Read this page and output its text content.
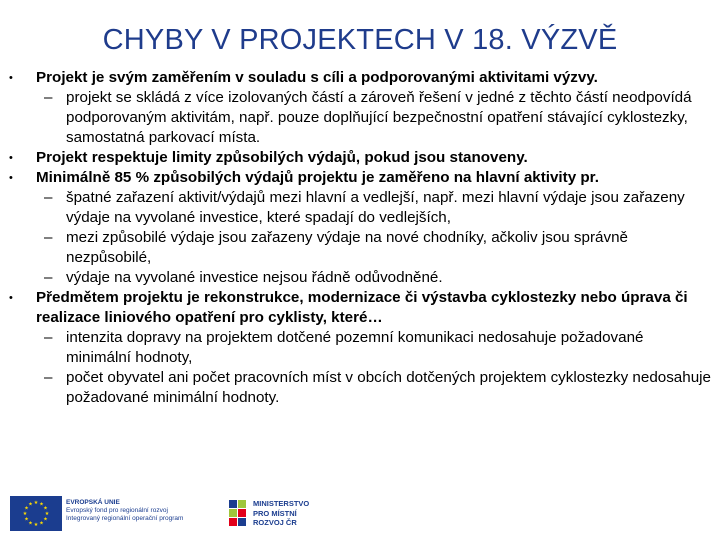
CHYBY V PROJEKTECH V 18. VÝZVĚ
• Projekt je svým zaměřením v souladu s cíli a podporovanými aktivitami výzvy.
– projekt se skládá z více izolovaných částí a zároveň řešení v jedné z těchto částí neodpovídá podporovaným aktivitám, např. pouze doplňující bezpečnostní opatření stávající cyklostezky, samostatná parkovací místa.
• Projekt respektuje limity způsobilých výdajů, pokud jsou stanoveny.
• Minimálně 85 % způsobilých výdajů projektu je zaměřeno na hlavní aktivity pr.
– špatné zařazení aktivit/výdajů mezi hlavní a vedlejší, např. mezi hlavní výdaje jsou zařazeny výdaje na vyvolané investice, které spadají do vedlejších,
– mezi způsobilé výdaje jsou zařazeny výdaje na nové chodníky, ačkoliv jsou správně nezpůsobilé,
– výdaje na vyvolané investice nejsou řádně odůvodněné.
• Předmětem projektu je rekonstrukce, modernizace či výstavba cyklostezky nebo úprava či realizace liniového opatření pro cyklisty, které…
– intenzita dopravy na projektem dotčené pozemní komunikaci nedosahuje požadované minimální hodnoty,
– počet obyvatel ani počet pracovních míst v obcích dotčených projektem cyklostezky nedosahuje požadované minimální hodnoty.
★ ★
★
★
★
★
★
★
★
★
★
★	EVROPSKÁ UNIE
Evropský fond pro regionální rozvoj
Integrovaný regionální operační program
MINISTERSTVO
PRO MÍSTNÍ
ROZVOJ ČR
